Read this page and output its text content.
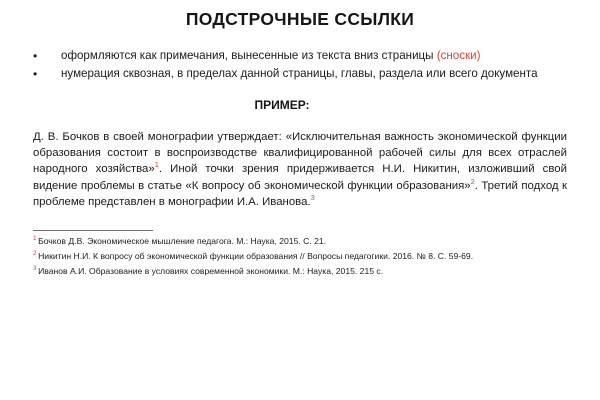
ПОДСТРОЧНЫЕ ССЫЛКИ
•	оформляются как примечания, вынесенные из текста вниз страницы (сноски)
•	нумерация сквозная, в пределах данной страницы, главы, раздела или всего документа
ПРИМЕР:

Д. В. Бочков в своей монографии утверждает: «Исключительная важность экономической функции образования состоит в воспроизводстве квалифицированной рабочей силы для всех отраслей народного хозяйства»$^1$. Иной точки зрения придерживается Н.И. Никитин, изложивший свой видение проблемы в статье «К вопросу об экономической функции образования»$^2$. Третий подход к проблеме представлен в монографии И.А. Иванова.$^3$

$^1$ Бочков Д.В. Экономическое мышление педагога. М.: Наука, 2015. С. 21.
$^2$ Никитин Н.И. К вопросу об экономической функции образования // Вопросы педагогики. 2016. № 8. С. 59-69.
$^3$ Иванов А.И. Образование в условиях современной экономики. М.: Наука, 2015. 215 с.
